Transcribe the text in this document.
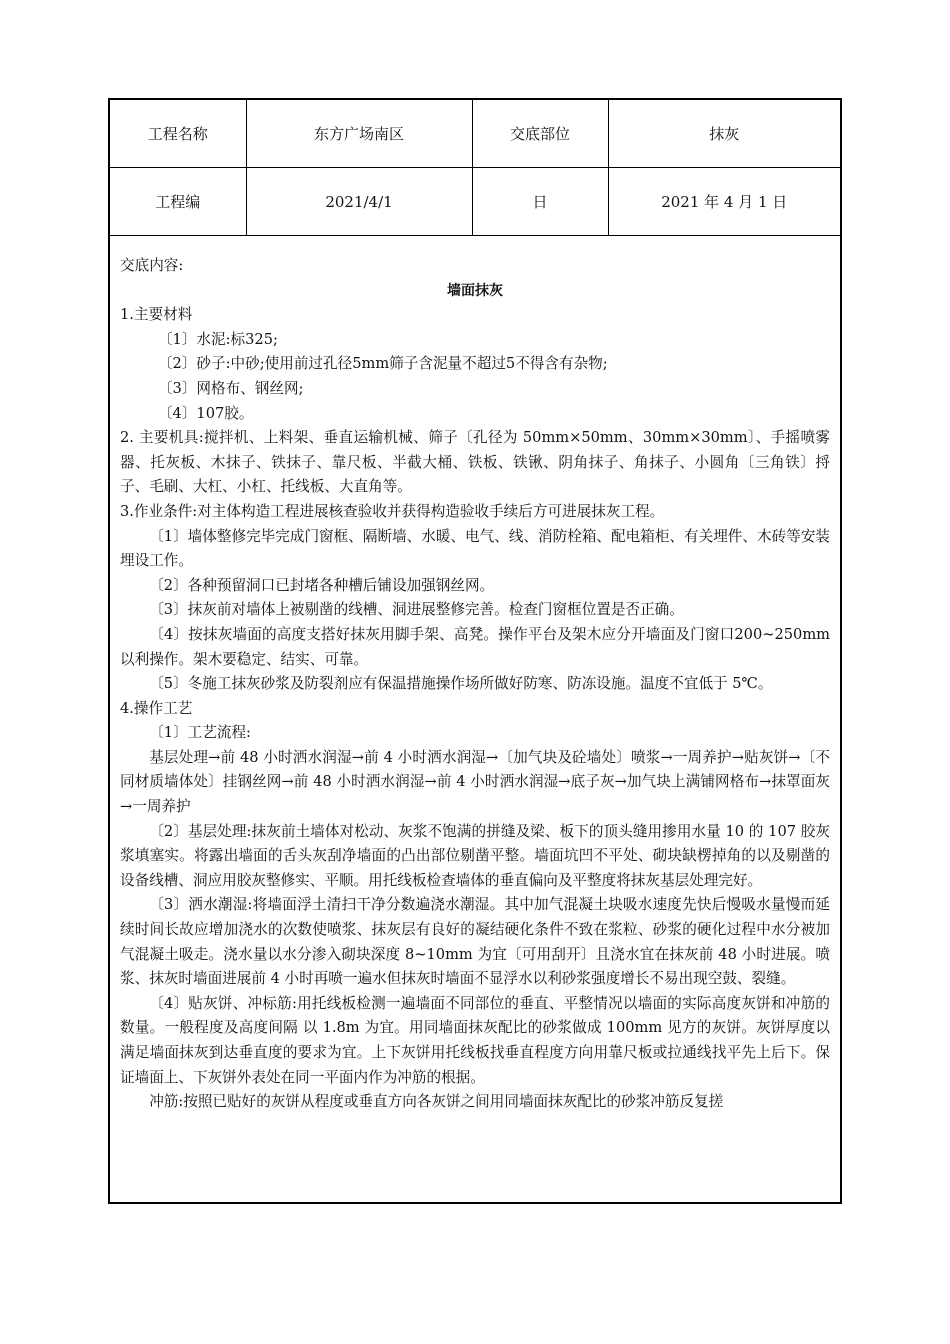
工程名称	东方广场南区	交底部位	抹灰
工程编	2021/4/1	日	2021 年 4 月 1 日

交底内容:

墙面抹灰

1.主要材料

〔1〕水泥:标325;

〔2〕砂子:中砂;使用前过孔径5mm筛子含泥量不超过5不得含有杂物;

〔3〕网格布、钢丝网;

〔4〕107胶。

2. 主要机具:搅拌机、上料架、垂直运输机械、筛子〔孔径为 50mm×50mm、30mm×30mm〕、手摇喷雾器、托灰板、木抹子、铁抹子、靠尺板、半截大桶、铁板、铁锹、阴角抹子、角抹子、小圆角〔三角铁〕捋子、毛刷、大杠、小杠、托线板、大直角等。

3.作业条件:对主体构造工程进展核查验收并获得构造验收手续后方可进展抹灰工程。

〔1〕墙体整修完毕完成门窗框、隔断墙、水暖、电气、线、消防栓箱、配电箱柜、有关埋件、木砖等安装埋设工作。

〔2〕各种预留洞口已封堵各种槽后铺设加强钢丝网。

〔3〕抹灰前对墙体上被剔凿的线槽、洞进展整修完善。检查门窗框位置是否正确。

〔4〕按抹灰墙面的高度支搭好抹灰用脚手架、高凳。操作平台及架木应分开墙面及门窗口200~250mm以利操作。架木要稳定、结实、可靠。

〔5〕冬施工抹灰砂浆及防裂剂应有保温措施操作场所做好防寒、防冻设施。温度不宜低于 5℃。

4.操作工艺

〔1〕工艺流程:

基层处理→前 48 小时洒水润湿→前 4 小时洒水润湿→〔加气块及砼墙处〕喷浆→一周养护→贴灰饼→〔不同材质墙体处〕挂钢丝网→前 48 小时洒水润湿→前 4 小时洒水润湿→底子灰→加气块上满铺网格布→抹罩面灰→一周养护

〔2〕基层处理:抹灰前土墙体对松动、灰浆不饱满的拼缝及梁、板下的顶头缝用掺用水量 10 的 107 胶灰浆填塞实。将露出墙面的舌头灰刮净墙面的凸出部位剔凿平整。墙面坑凹不平处、砌块缺楞掉角的以及剔凿的设备线槽、洞应用胶灰整修实、平顺。用托线板检查墙体的垂直偏向及平整度将抹灰基层处理完好。

〔3〕洒水潮湿:将墙面浮土清扫干净分数遍浇水潮湿。其中加气混凝土块吸水速度先快后慢吸水量慢而延续时间长故应增加浇水的次数使喷浆、抹灰层有良好的凝结硬化条件不致在浆粒、砂浆的硬化过程中水分被加气混凝土吸走。浇水量以水分渗入砌块深度 8~10mm 为宜〔可用刮开〕且浇水宜在抹灰前 48 小时进展。喷浆、抹灰时墙面进展前 4 小时再喷一遍水但抹灰时墙面不显浮水以利砂浆强度增长不易出现空鼓、裂缝。

〔4〕贴灰饼、冲标筋:用托线板检测一遍墙面不同部位的垂直、平整情况以墙面的实际高度灰饼和冲筋的数量。一般程度及高度间隔 以 1.8m 为宜。用同墙面抹灰配比的砂浆做成 100mm 见方的灰饼。灰饼厚度以满足墙面抹灰到达垂直度的要求为宜。上下灰饼用托线板找垂直程度方向用靠尺板或拉通线找平先上后下。保证墙面上、下灰饼外表处在同一平面内作为冲筋的根据。

冲筋:按照已贴好的灰饼从程度或垂直方向各灰饼之间用同墙面抹灰配比的砂浆冲筋反复搓
